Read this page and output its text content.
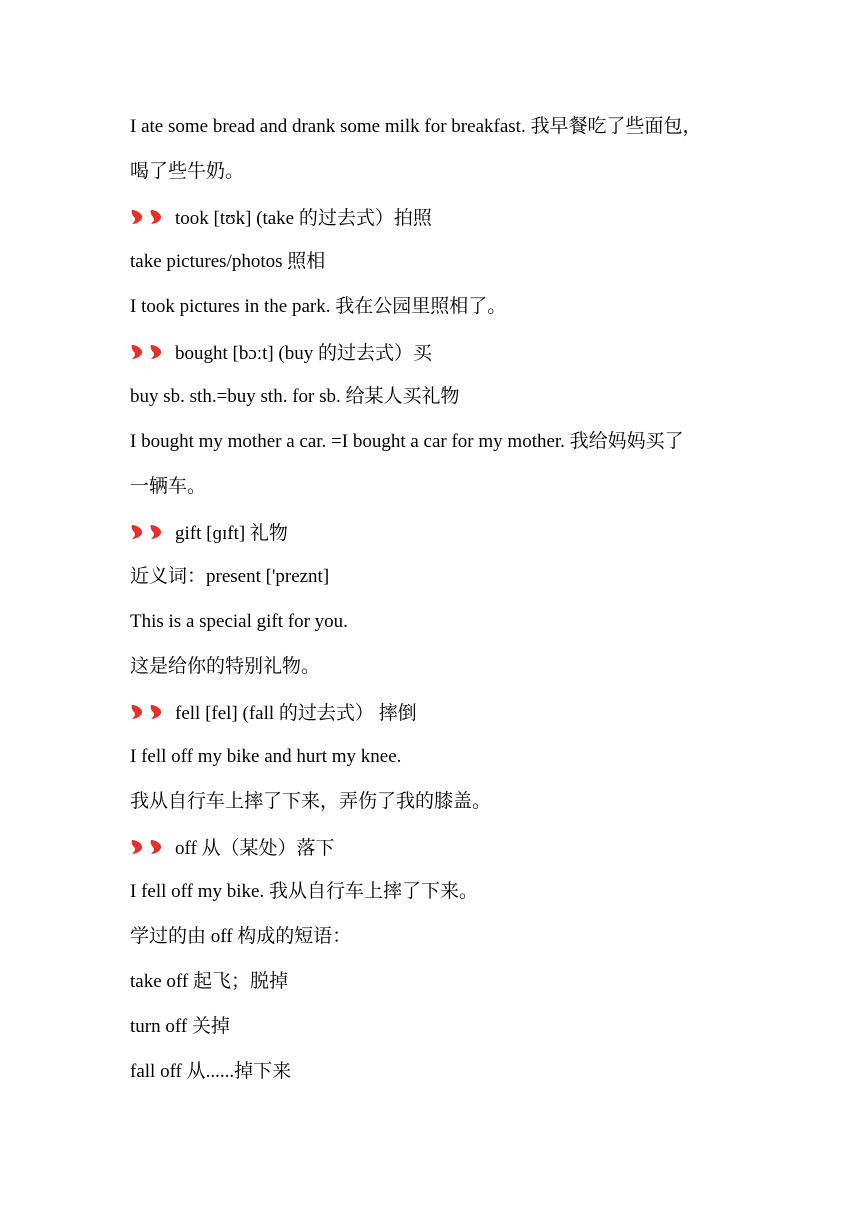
I ate some bread and drank some milk for breakfast. 我早餐吃了些面包，
喝了些牛奶。
took [tʊk] (take 的过去式）拍照
take pictures/photos 照相
I took pictures in the park. 我在公园里照相了。
bought [bɔːt] (buy 的过去式）买
buy sb. sth.=buy sth. for sb. 给某人买礼物
I bought my mother a car. =I bought a car for my mother. 我给妈妈买了
一辆车。
gift [ɡɪft] 礼物
近义词：present ['preznt]
This is a special gift for you.
这是给你的特别礼物。
fell [fel] (fall 的过去式） 摔倒
I fell off my bike and hurt my knee.
我从自行车上摔了下来，弄伤了我的膝盖。
off 从（某处）落下
I fell off my bike. 我从自行车上摔了下来。
学过的由 off 构成的短语：
take off 起飞；脱掉
turn off 关掉
fall off 从......掉下来
